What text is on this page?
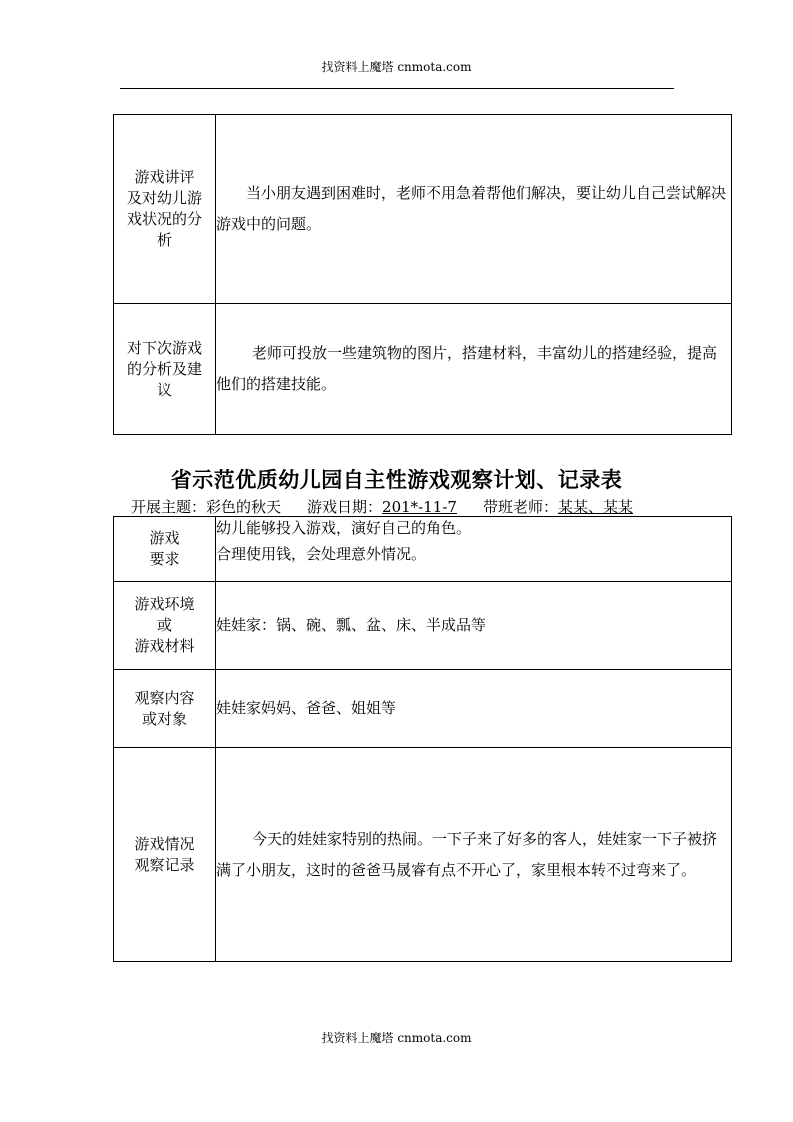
找资料上魔塔 cnmota.com
游戏讲评
及对幼儿游
戏状况的分
析	当小朋友遇到困难时，老师不用急着帮他们解决，要让幼儿自己尝试解决游戏中的问题。

对下次游戏
的分析及建
议	老师可投放一些建筑物的图片，搭建材料，丰富幼儿的搭建经验，提高他们的搭建技能。
省示范优质幼儿园自主性游戏观察计划、记录表
开展主题：彩色的秋天 游戏日期：201*-11-7 带班老师：某某、某某
游戏
要求	幼儿能够投入游戏，演好自己的角色。
合理使用钱，会处理意外情况。

游戏环境
或
游戏材料	娃娃家：锅、碗、瓢、盆、床、半成品等

观察内容
或对象	娃娃家妈妈、爸爸、姐姐等

游戏情况
观察记录	今天的娃娃家特别的热闹。一下子来了好多的客人，娃娃家一下子被挤满了小朋友，这时的爸爸马晟睿有点不开心了，家里根本转不过弯来了。
找资料上魔塔 cnmota.com
